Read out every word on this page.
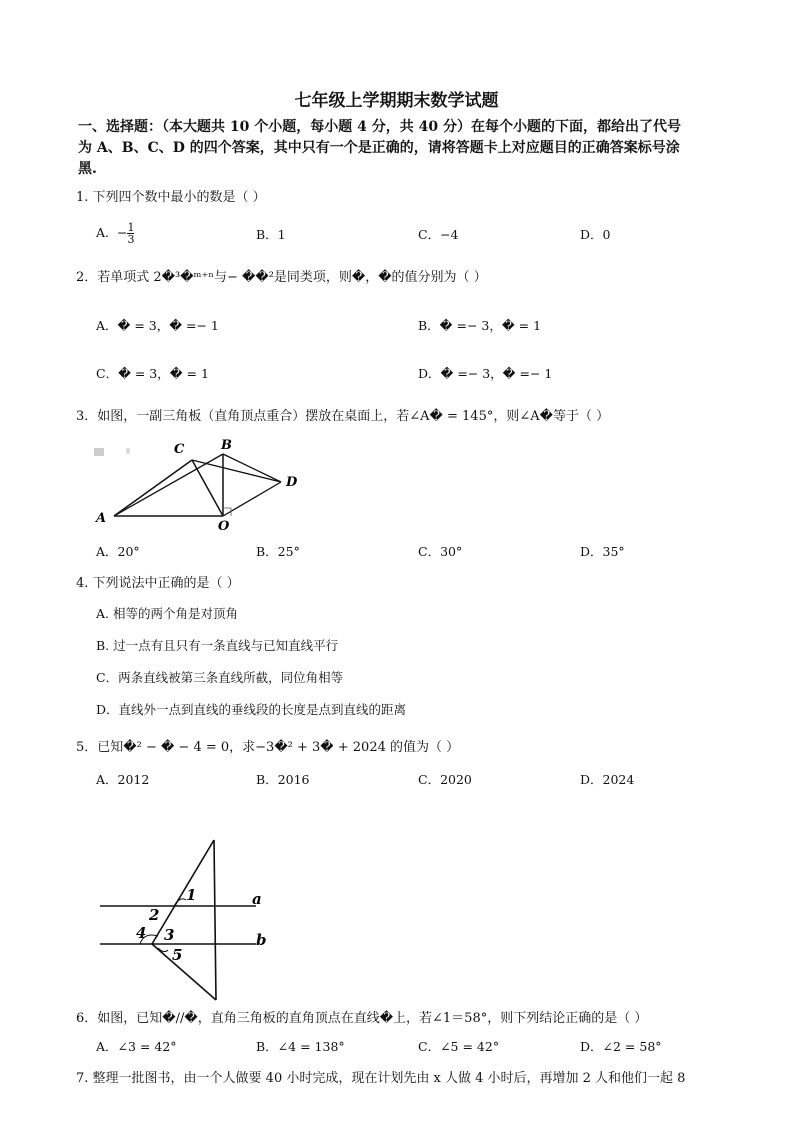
七年级上学期期末数学试题
一、选择题：（本大题共 10 个小题，每小题 4 分，共 40 分）在每个小题的下面，都给出了代号
为 A、B、C、D 的四个答案，其中只有一个是正确的，请将答题卡上对应题目的正确答案标号涂
黑.
1. 下列四个数中最小的数是（ ）
A. $-\frac{1}{3}$	B．1	C．−4	D．0
2．若单项式 2�³�ᵐ⁺ⁿ与− ��²是同类项，则�，�的值分别为（ ）
A．� = 3，� =− 1	B．� =− 3，� = 1
C．� = 3，� = 1	D．� =− 3，� =− 1
3．如图，一副三角板（直角顶点重合）摆放在桌面上，若∠A� = 145°，则∠A�等于（ ）
C	B
D
A
O
A．20°	B．25°	C．30°	D．35°
4. 下列说法中正确的是（ ）
A. 相等的两个角是对顶角
B. 过一点有且只有一条直线与已知直线平行
C．两条直线被第三条直线所截，同位角相等
D．直线外一点到直线的垂线段的长度是点到直线的距离
5．已知�² − � − 4 = 0，求−3�² + 3� + 2024 的值为（ ）
A．2012	B．2016	C．2020	D．2024
1	a
2
4 3	b
5
6．如图，已知�//�，直角三角板的直角顶点在直线�上，若∠1＝58°，则下列结论正确的是（ ）
A．∠3 = 42°	B．∠4 = 138°	C．∠5 = 42°	D．∠2 = 58°
7. 整理一批图书，由一个人做要 40 小时完成，现在计划先由 x 人做 4 小时后，再增加 2 人和他们一起 8
